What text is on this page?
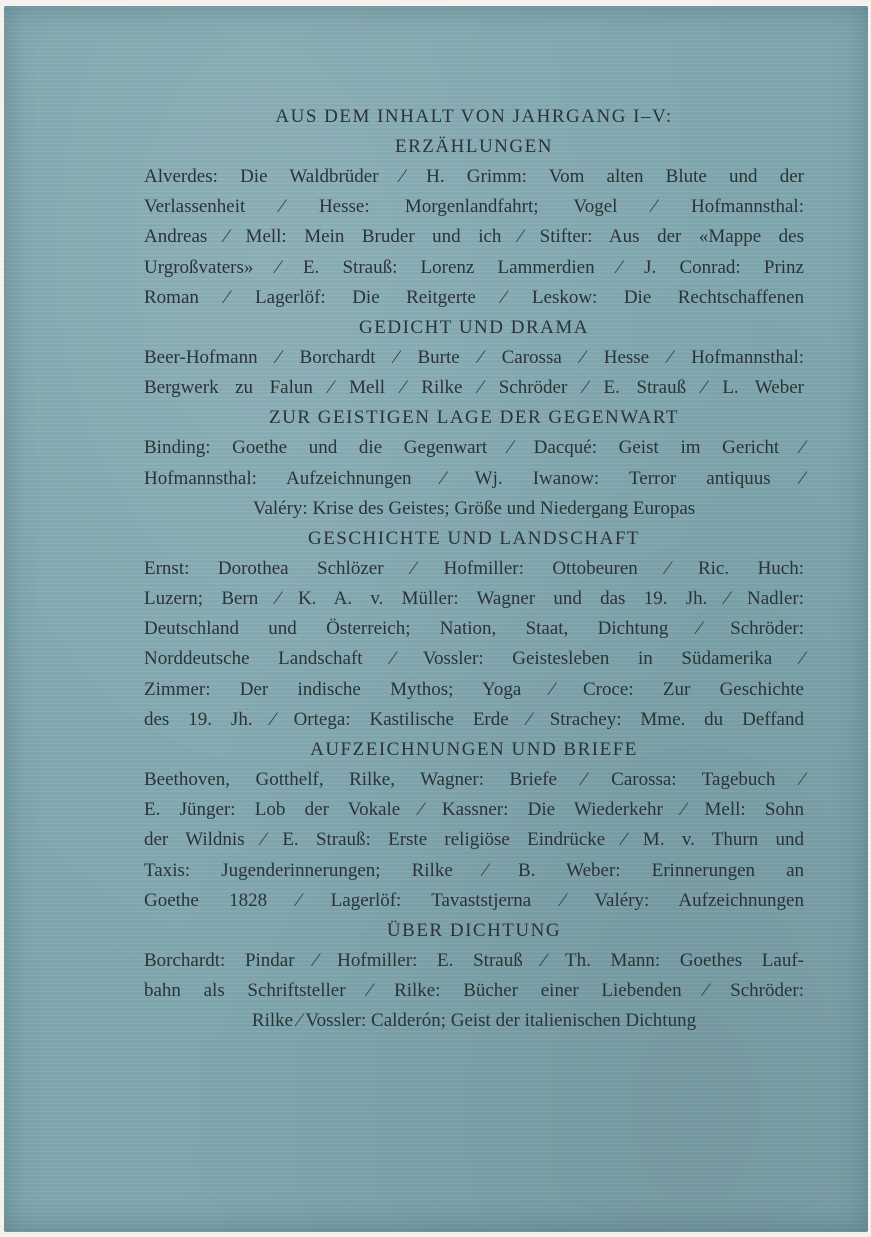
AUS DEM INHALT VON JAHRGANG I–V:
ERZÄHLUNGEN
Alverdes: Die Waldbrüder ⁄ H. Grimm: Vom alten Blute und der
Verlassenheit ⁄ Hesse: Morgenlandfahrt; Vogel ⁄ Hofmannsthal:
Andreas ⁄ Mell: Mein Bruder und ich ⁄ Stifter: Aus der «Mappe des
Urgroßvaters» ⁄ E. Strauß: Lorenz Lammerdien ⁄ J. Conrad: Prinz
Roman ⁄ Lagerlöf: Die Reitgerte ⁄ Leskow: Die Rechtschaffenen
GEDICHT UND DRAMA
Beer-Hofmann ⁄ Borchardt ⁄ Burte ⁄ Carossa ⁄ Hesse ⁄ Hofmannsthal:
Bergwerk zu Falun ⁄ Mell ⁄ Rilke ⁄ Schröder ⁄ E. Strauß ⁄ L. Weber
ZUR GEISTIGEN LAGE DER GEGENWART
Binding: Goethe und die Gegenwart ⁄ Dacqué: Geist im Gericht ⁄
Hofmannsthal: Aufzeichnungen ⁄ Wj. Iwanow: Terror antiquus ⁄
Valéry: Krise des Geistes; Größe und Niedergang Europas
GESCHICHTE UND LANDSCHAFT
Ernst: Dorothea Schlözer ⁄ Hofmiller: Ottobeuren ⁄ Ric. Huch:
Luzern; Bern ⁄ K. A. v. Müller: Wagner und das 19. Jh. ⁄ Nadler:
Deutschland und Österreich; Nation, Staat, Dichtung ⁄ Schröder:
Norddeutsche Landschaft ⁄ Vossler: Geistesleben in Südamerika ⁄
Zimmer: Der indische Mythos; Yoga ⁄ Croce: Zur Geschichte
des 19. Jh. ⁄ Ortega: Kastilische Erde ⁄ Strachey: Mme. du Deffand
AUFZEICHNUNGEN UND BRIEFE
Beethoven, Gotthelf, Rilke, Wagner: Briefe ⁄ Carossa: Tagebuch ⁄
E. Jünger: Lob der Vokale ⁄ Kassner: Die Wiederkehr ⁄ Mell: Sohn
der Wildnis ⁄ E. Strauß: Erste religiöse Eindrücke ⁄ M. v. Thurn und
Taxis: Jugenderinnerungen; Rilke ⁄ B. Weber: Erinnerungen an
Goethe 1828 ⁄ Lagerlöf: Tavaststjerna ⁄ Valéry: Aufzeichnungen
ÜBER DICHTUNG
Borchardt: Pindar ⁄ Hofmiller: E. Strauß ⁄ Th. Mann: Goethes Lauf-
bahn als Schriftsteller ⁄ Rilke: Bücher einer Liebenden ⁄ Schröder:
Rilke ⁄ Vossler: Calderón; Geist der italienischen Dichtung
